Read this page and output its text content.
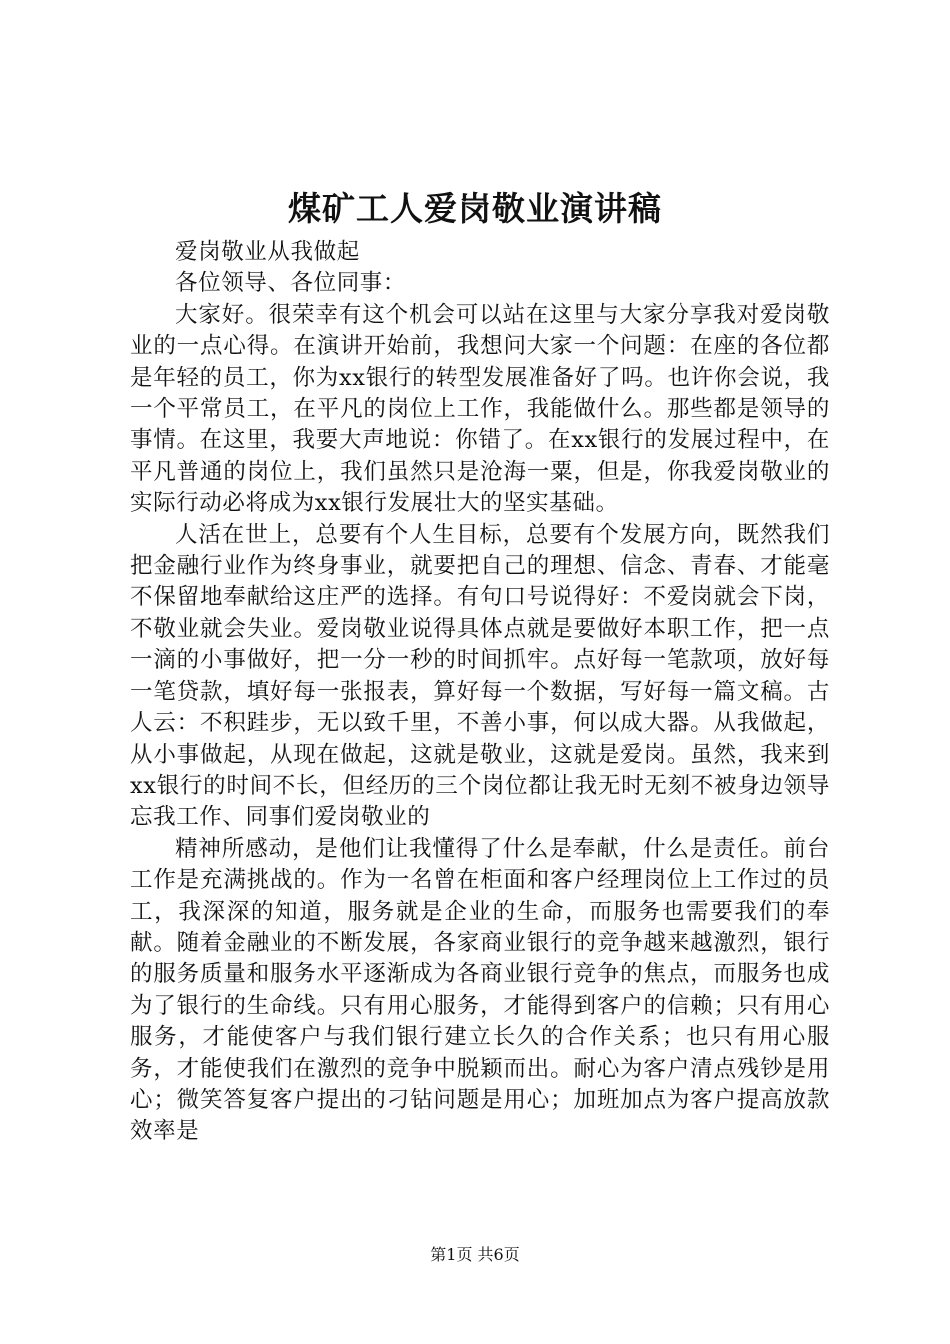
煤矿工人爱岗敬业演讲稿

爱岗敬业从我做起

各位领导、各位同事：

大家好。很荣幸有这个机会可以站在这里与大家分享我对爱岗敬业的一点心得。在演讲开始前，我想问大家一个问题：在座的各位都是年轻的员工，你为xx银行的转型发展准备好了吗。也许你会说，我一个平常员工，在平凡的岗位上工作，我能做什么。那些都是领导的事情。在这里，我要大声地说：你错了。在xx银行的发展过程中，在平凡普通的岗位上，我们虽然只是沧海一粟，但是，你我爱岗敬业的实际行动必将成为xx银行发展壮大的坚实基础。

人活在世上，总要有个人生目标，总要有个发展方向，既然我们把金融行业作为终身事业，就要把自己的理想、信念、青春、才能毫不保留地奉献给这庄严的选择。有句口号说得好：不爱岗就会下岗，不敬业就会失业。爱岗敬业说得具体点就是要做好本职工作，把一点一滴的小事做好，把一分一秒的时间抓牢。点好每一笔款项，放好每一笔贷款，填好每一张报表，算好每一个数据，写好每一篇文稿。古人云：不积跬步，无以致千里，不善小事，何以成大器。从我做起，从小事做起，从现在做起，这就是敬业，这就是爱岗。虽然，我来到xx银行的时间不长，但经历的三个岗位都让我无时无刻不被身边领导忘我工作、同事们爱岗敬业的

精神所感动，是他们让我懂得了什么是奉献，什么是责任。前台工作是充满挑战的。作为一名曾在柜面和客户经理岗位上工作过的员工，我深深的知道，服务就是企业的生命，而服务也需要我们的奉献。随着金融业的不断发展，各家商业银行的竞争越来越激烈，银行的服务质量和服务水平逐渐成为各商业银行竞争的焦点，而服务也成为了银行的生命线。只有用心服务，才能得到客户的信赖；只有用心服务，才能使客户与我们银行建立长久的合作关系；也只有用心服务，才能使我们在激烈的竞争中脱颖而出。耐心为客户清点残钞是用心；微笑答复客户提出的刁钻问题是用心；加班加点为客户提高放款效率是

第1页 共6页
